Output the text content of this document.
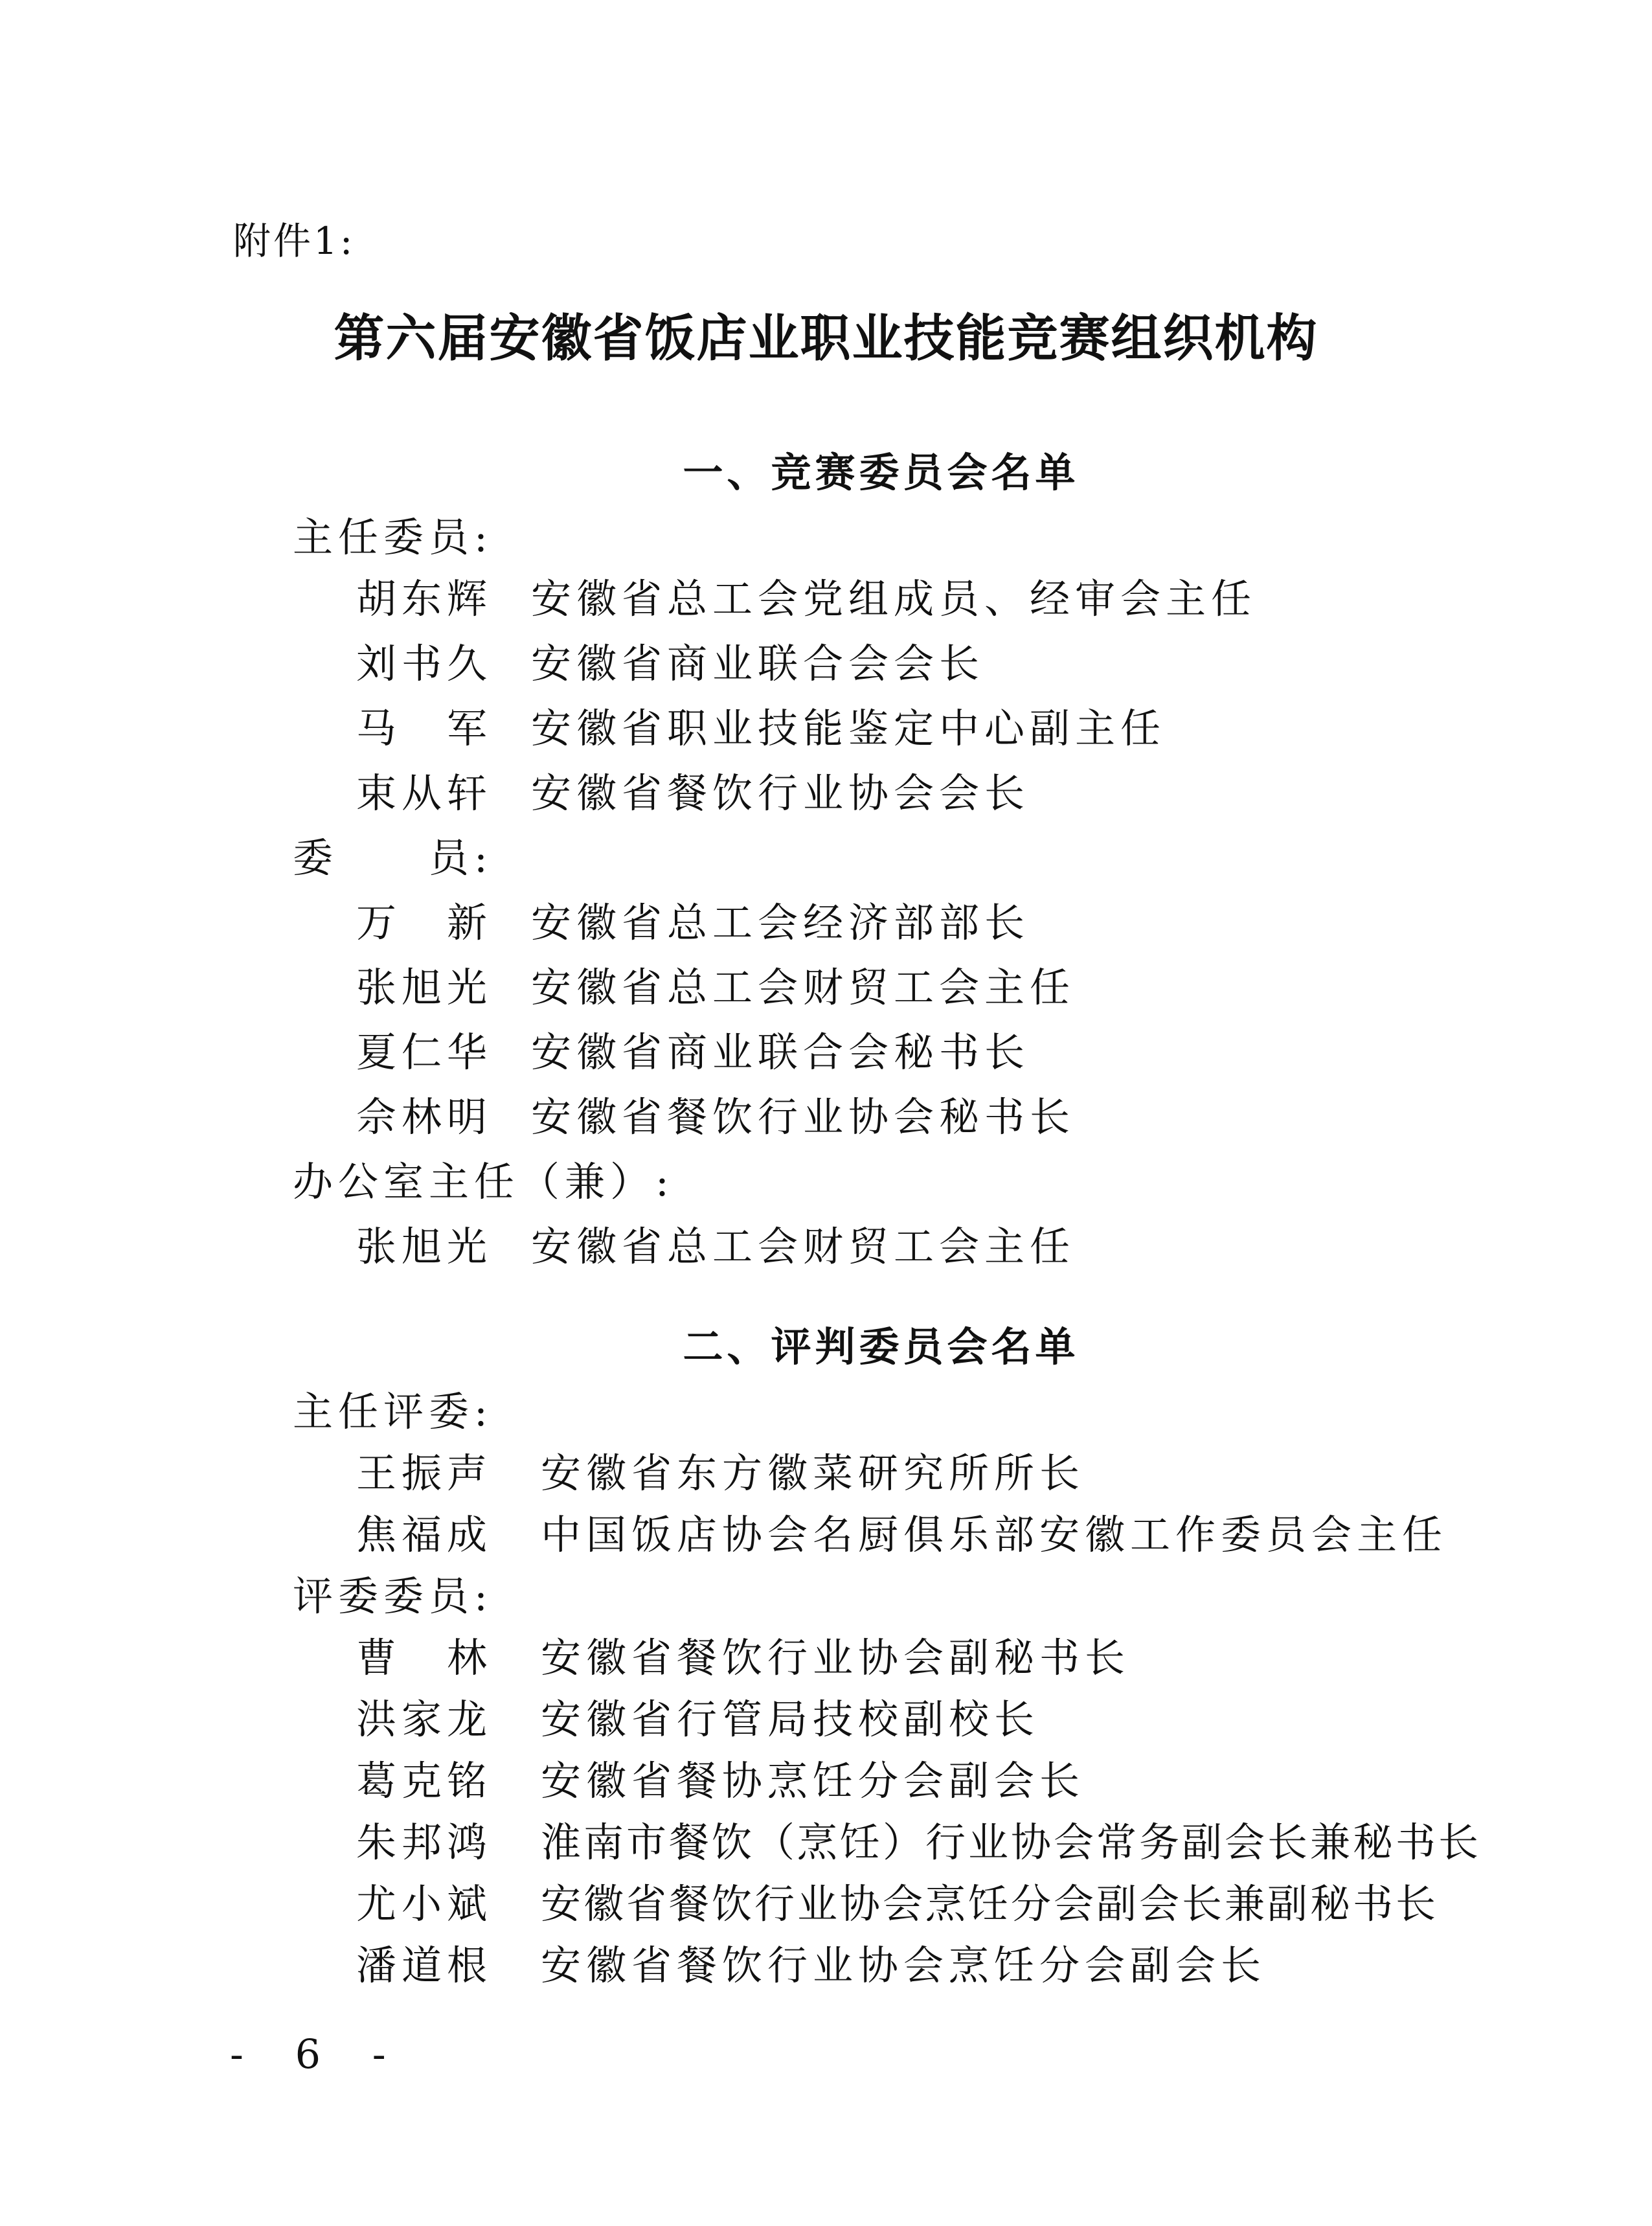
附件1:
第六届安徽省饭店业职业技能竞赛组织机构
一、竞赛委员会名单
主任委员:
胡东辉 安徽省总工会党组成员、经审会主任
刘书久 安徽省商业联合会会长
马　军 安徽省职业技能鉴定中心副主任
束从轩 安徽省餐饮行业协会会长
委　　员:
万　新 安徽省总工会经济部部长
张旭光 安徽省总工会财贸工会主任
夏仁华 安徽省商业联合会秘书长
佘林明 安徽省餐饮行业协会秘书长
办公室主任（兼）:
张旭光 安徽省总工会财贸工会主任
二、评判委员会名单
主任评委:
王振声	安徽省东方徽菜研究所所长
焦福成	中国饭店协会名厨俱乐部安徽工作委员会主任
评委委员:
曹　林	安徽省餐饮行业协会副秘书长
洪家龙	安徽省行管局技校副校长
葛克铭	安徽省餐协烹饪分会副会长
朱邦鸿	淮南市餐饮（烹饪）行业协会常务副会长兼秘书长
尤小斌	安徽省餐饮行业协会烹饪分会副会长兼副秘书长
潘道根	安徽省餐饮行业协会烹饪分会副会长
- 6 -
